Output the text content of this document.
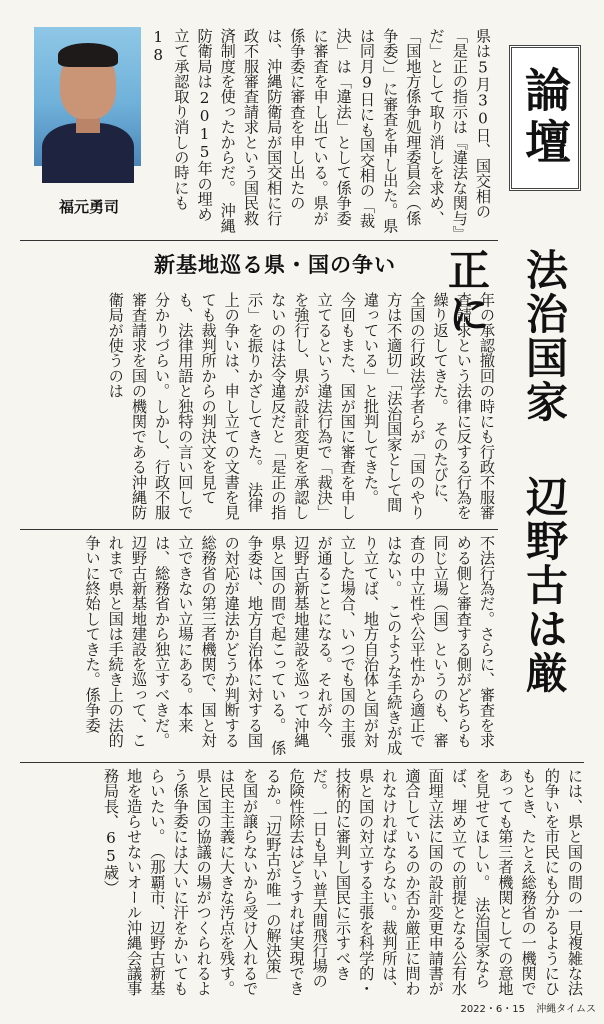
県は5月30日、国交相の「是正の指示は『違法な関与』だ」として取り消しを求め、「国地方係争処理委員会（係争委）」に審査を申し出た。県は同月9日にも国交相の「裁決」は「違法」として係争委に審査を申し出ている。県が係争委に審査を申し出たのは、沖縄防衛局が国交相に行政不服審査請求という国民救済制度を使ったからだ。　沖縄防衛局は2015年の埋め立て承認取り消しの時にも18

福元勇司
論壇
新基地巡る県・国の争い	法治国家 辺野古は厳正に

年の承認撤回の時にも行政不服審査請求という法律に反する行為を繰り返してきた。　そのたびに、全国の行政法学者らが「国のやり方は不適切」「法治国家として間違っている」と批判してきた。　今回もまた、国が国に審査を申し立てるという違法行為で「裁決」を強行し、県が設計変更を承認しないのは法令違反だと「是正の指示」を振りかざしてきた。　法律上の争いは、申し立ての文書を見ても裁判所からの判決文を見ても、法律用語と独特の言い回しで分かりづらい。しかし、行政不服審査請求を国の機関である沖縄防衛局が使うのは

不法行為だ。さらに、審査を求める側と審査する側がどちらも同じ立場（国）というのも、審査の中立性や公平性から適正ではない。　このような手続きが成り立てば、地方自治体と国が対立した場合、いつでも国の主張が通ることになる。それが今、辺野古新基地建設を巡って沖縄県と国の間で起こっている。　係争委は、地方自治体に対する国の対応が違法かどうか判断する総務省の第三者機関で、国と対立できない立場にある。本来は、総務省から独立すべきだ。　辺野古新基地建設を巡って、これまで県と国は手続き上の法的争いに終始してきた。係争委

には、県と国の間の一見複雑な法的争いを市民にも分かるようにひもとき、たとえ総務省の一機関であっても第三者機関としての意地を見せてほしい。　法治国家ならば、埋め立ての前提となる公有水面埋立法に国の設計変更申請書が適合しているのか否か厳正に問われなければならない。裁判所は、県と国の対立する主張を科学的・技術的に審判し国民に示すべきだ。　一日も早い普天間飛行場の危険性除去はどうすれば実現できるか。「辺野古が唯一の解決策」を国が譲らないから受け入れるでは民主主義に大きな汚点を残す。県と国の協議の場がつくられるよう係争委には大いに汗をかいてもらいたい。　（那覇市、辺野古新基地を造らせないオール沖縄会議事務局長、65歳）

2022・6・15 沖縄タイムス
